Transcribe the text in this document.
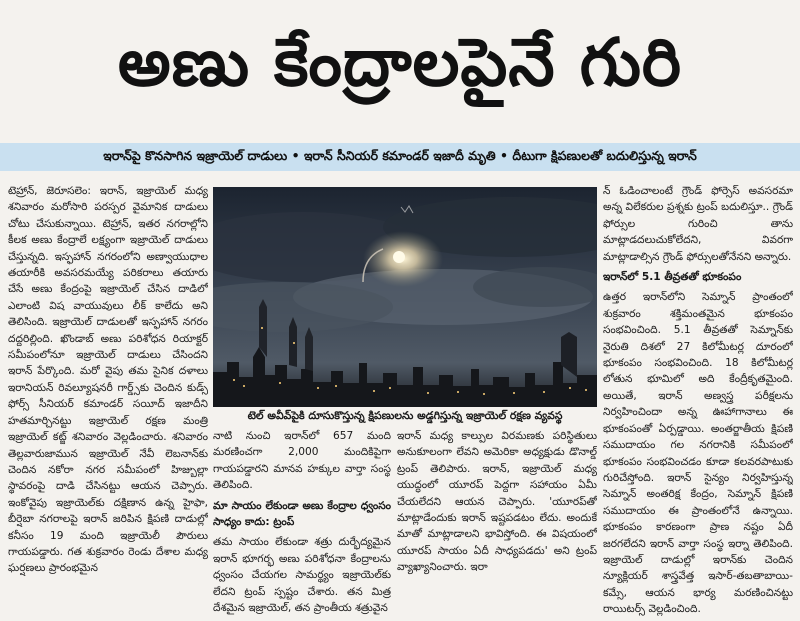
అణు కేంద్రాలపైనే గురి
ఇరాన్‌పై కొనసాగిన ఇజ్రాయెల్ దాడులు • ఇరాన్ సీనియర్ కమాండర్ ఇజాదీ మృతి • దీటుగా క్షిపణులతో బదులిస్తున్న ఇరాన్

టెహ్రాన్, జెరూసలెం: ఇరాన్, ఇజ్రాయెల్ మధ్య శనివారం మరోసారి పరస్పర వైమానిక దాడులు చోటు చేసుకున్నాయి. టెహ్రాన్, ఇతర నగరాల్లోని కీలక అణు కేంద్రాలే లక్ష్యంగా ఇజ్రాయెల్ దాడులు చేస్తున్నది. ఇస్ఫహాన్ నగరంలోని అణ్వాయుధాల తయారీకి అవసరమయ్యే పరికరాలు తయారు చేసే అణు కేంద్రంపై ఇజ్రాయెల్ చేసిన దాడిలో ఎలాంటి విష వాయువులు లీక్ కాలేదు అని తెలిసింది. ఇజ్రాయెల్ దాడులతో ఇస్ఫహాన్ నగరం దద్దరిల్లింది. ఖొండాబ్ అణు పరిశోధన రియాక్టర్ సమీపంలోనూ ఇజ్రాయెల్ దాడులు చేసిందని ఇరాన్ పేర్కొంది. మరో వైపు తమ సైనిక దళాలు ఇరానియన్ రివల్యూషనరీ గార్డ్స్‌కు చెందిన కుడ్స్ ఫోర్స్ సీనియర్ కమాండర్ సయీద్ ఇజాదీని హతమార్చినట్టు ఇజ్రాయెల్ రక్షణ మంత్రి ఇజ్రాయెల్ కట్జ్ శనివారం వెల్లడించారు. శనివారం తెల్లవారుజామున ఇజ్రాయెల్ నేవీ లెబనాన్‌కు చెందిన నకోరా నగర సమీపంలో హిజ్బుల్లా స్థావరంపై దాడి చేసినట్టు ఆయన చెప్పారు. ఇంకోవైపు ఇజ్రాయెల్‌కు దక్షిణాన ఉన్న హైఫా, బీర్షెబా నగరాలపై ఇరాన్ జరిపిన క్షిపణి దాడుల్లో కనీసం 19 మంది ఇజ్రాయెలీ పౌరులు గాయపడ్డారు. గత శుక్రవారం రెండు దేశాల మధ్య ఘర్షణలు ప్రారంభమైన

టెల్ అవీవ్‌పైకి దూసుకొస్తున్న క్షిపణులను అడ్డగిస్తున్న ఇజ్రాయెల్ రక్షణ వ్యవస్థ

నాటి నుంచి ఇరాన్‌లో 657 మంది మరణించగా 2,000 మందికిపైగా గాయపడ్డారని మానవ హక్కుల వార్తా సంస్థ తెలిపింది.

మా సాయం లేకుండా అణు కేంద్రాల ధ్వంసం సాధ్యం కాదు: ట్రంప్

తమ సాయం లేకుండా శత్రు దుర్భేద్యమైన ఇరాన్ భూగర్భ అణు పరిశోధనా కేంద్రాలను ధ్వంసం చేయగల సామర్థ్యం ఇజ్రాయెల్‌కు లేదని ట్రంప్ స్పష్టం చేశారు. తన మిత్ర దేశమైన ఇజ్రాయెల్, తన ప్రాంతీయ శత్రువైన

ఇరాన్ మధ్య కాల్పుల విరమణకు పరిస్థితులు అనుకూలంగా లేవని అమెరికా అధ్యక్షుడు డొనాల్డ్ ట్రంప్ తెలిపారు. ఇరాన్, ఇజ్రాయెల్ మధ్య యుద్ధంలో యూరప్ పెద్దగా సహాయం ఏమీ చేయలేదని ఆయన చెప్పారు. 'యూరప్‌తో మాట్లాడేందుకు ఇరాన్ ఇష్టపడటం లేదు. అందుకే మాతో మాట్లాడాలని భావిస్తోంది. ఈ విషయంలో యూరప్ సాయం ఏదీ సాధ్యపడదు' అని ట్రంప్ వ్యాఖ్యానించారు. ఇరా

న్ ఓడించాలంటే గ్రౌండ్ ఫోర్సెస్ అవసరమా అన్న విలేకరుల ప్రశ్నకు ట్రంప్ బదులిస్తూ.. గ్రౌండ్ ఫోర్సుల గురించి తాను మాట్లాడదలుచుకోలేదని, వివరగా మాట్లాడాల్సిన గ్రౌండ్ ఫోర్సులతోనేనని అన్నారు.

ఇరాన్‌లో 5.1 తీవ్రతతో భూకంపం

ఉత్తర ఇరాన్‌లోని సెమ్నాన్ ప్రాంతంలో శుక్రవారం శక్తిమంతమైన భూకంపం సంభవించింది. 5.1 తీవ్రతతో సెమ్నాన్‌కు నైరుతి దిశలో 27 కిలోమీటర్ల దూరంలో భూకంపం సంభవించింది. 18 కిలోమీటర్ల లోతున భూమిలో అది కేంద్రీకృతమైంది. అయితే, ఇరాన్ అణ్వస్త్ర పరీక్షలను నిర్వహించిందా అన్న ఊహాగానాలు ఈ భూకంపంతో ఏర్పడ్డాయి. అంతర్జాతీయ క్షిపణి సముదాయం గల నగరానికి సమీపంలో భూకంపం సంభవించడం కూడా కలవరపాటుకు గురిచేస్తోంది. ఇరాన్ సైన్యం నిర్వహిస్తున్న సెమ్నాన్ అంతరిక్ష కేంద్రం, సెమ్నాన్ క్షిపణి సముదాయం ఈ ప్రాంతంలోనే ఉన్నాయి. భూకంపం కారణంగా ప్రాణ నష్టం ఏదీ జరగలేదని ఇరాన్ వార్తా సంస్థ ఇర్నా తెలిపింది. ఇజ్రాయెల్ దాడుల్లో ఇరాన్‌కు చెందిన న్యూక్లియర్ శాస్త్రవేత్త ఇసార్-తబతాబాయి-కమ్సే, ఆయన భార్య మరణించినట్టు రాయిటర్స్ వెల్లడించింది.
